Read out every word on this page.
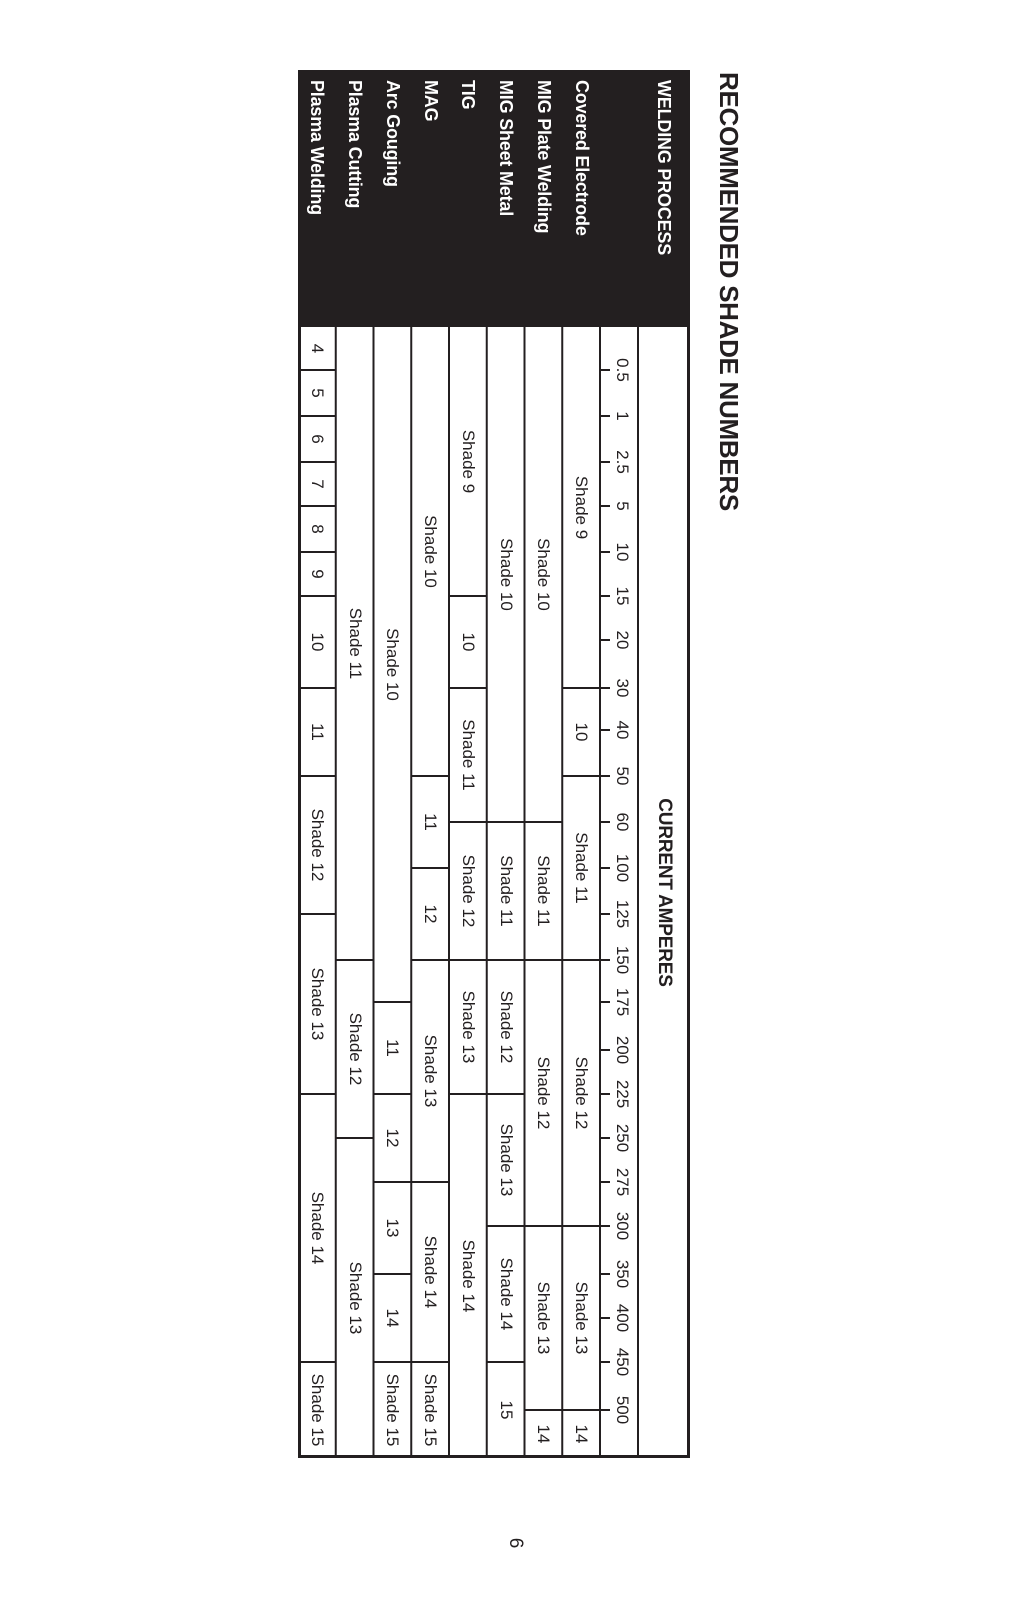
RECOMMENDED SHADE NUMBERS
WELDING PROCESS
CURRENT AMPERES
0.5
1
2.5
5
10
15
20
30
40
50
60
100
125
150
175
200
225
250
275
300
350
400
450
500
Covered Electrode
Shade 9
10
Shade 11
Shade 12
Shade 13
14
MIG Plate Welding
Shade 10
Shade 11
Shade 12
Shade 13
14
MIG Sheet Metal
Shade 10
Shade 11
Shade 12
Shade 13
Shade 14
15
TIG
Shade 9
10
Shade 11
Shade 12
Shade 13
Shade 14
MAG
Shade 10
11
12
Shade 13
Shade 14
Shade 15
Arc Gouging
Shade 10
11
12
13
14
Shade 15
Plasma Cutting
Shade 11
Shade 12
Shade 13
Plasma Welding
4
5
6
7
8
9
10
11
Shade 12
Shade 13
Shade 14
Shade 15
6
